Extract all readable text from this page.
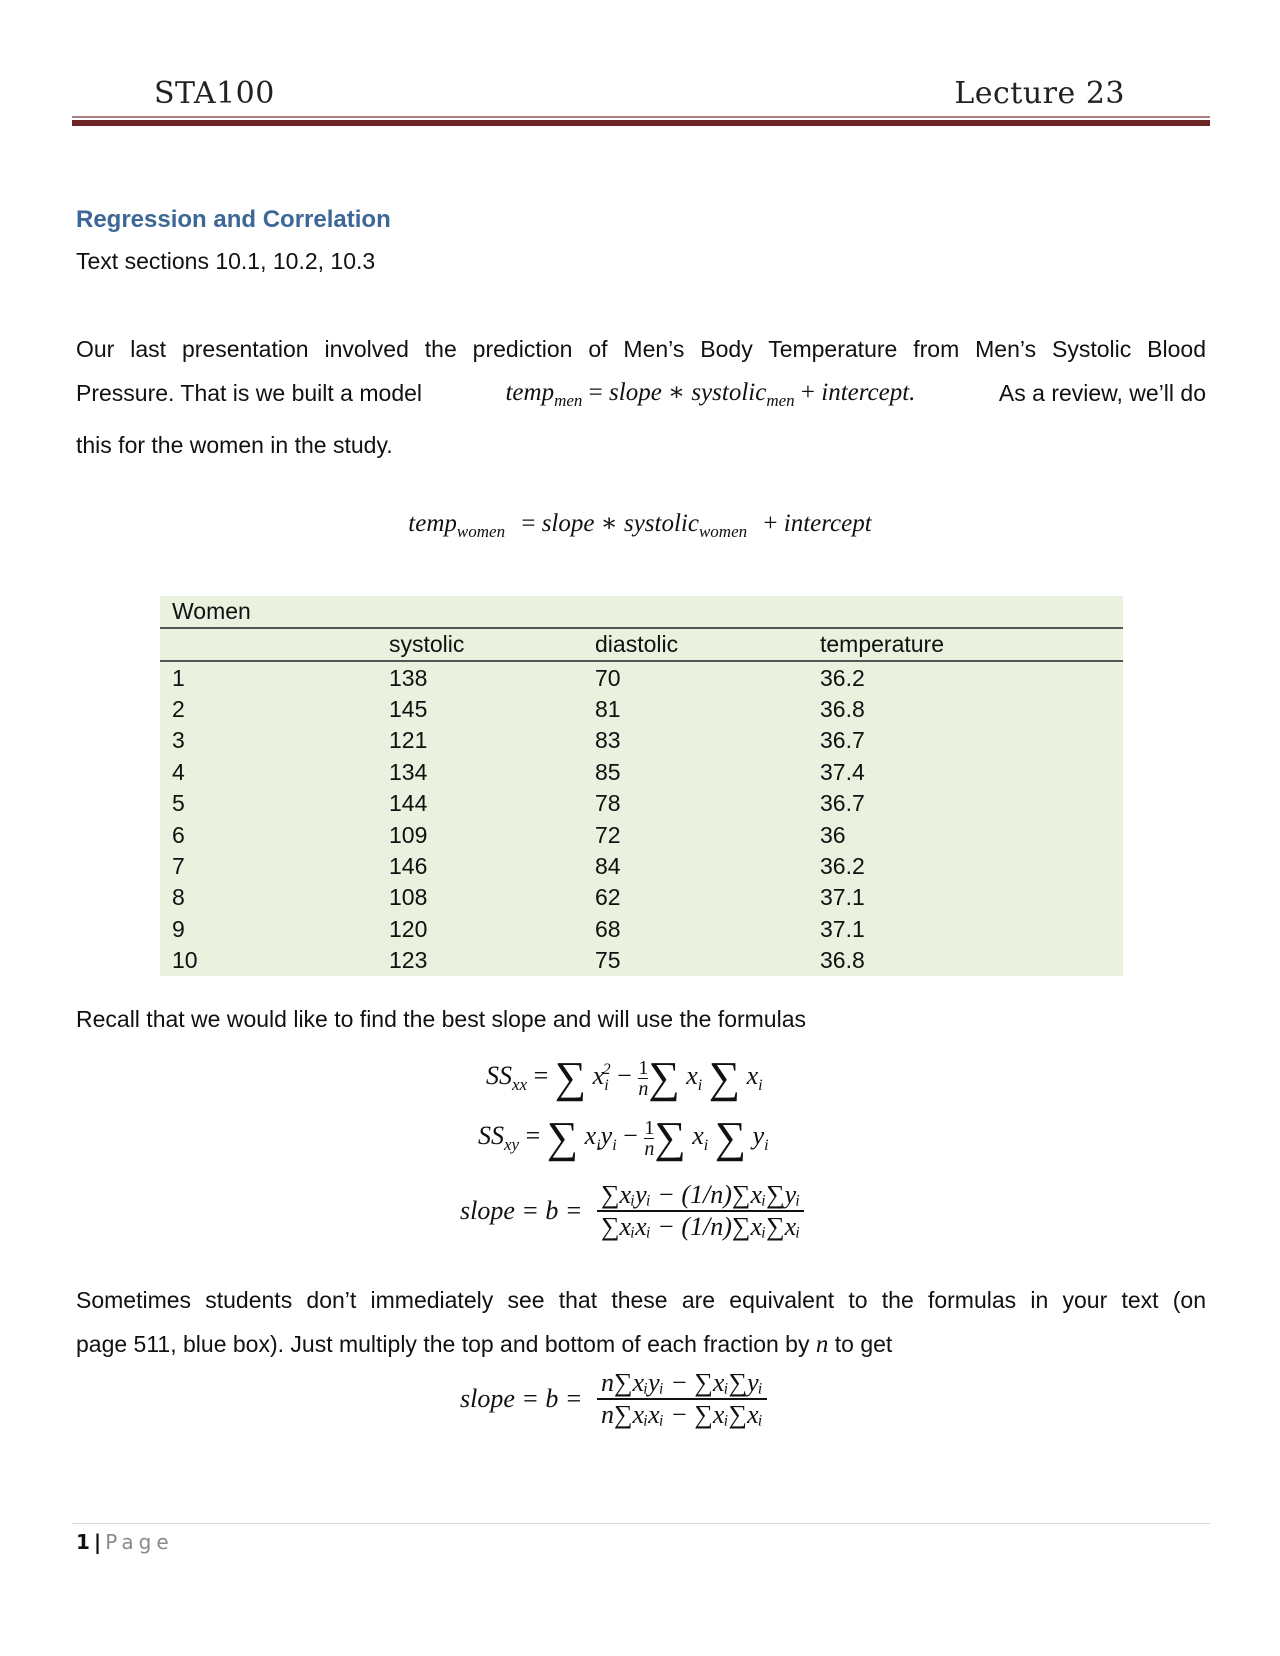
STA100	Lecture 23
Regression and Correlation
Text sections 10.1, 10.2, 10.3
Our last presentation involved the prediction of Men’s Body Temperature from Men’s Systolic Blood
Pressure. That is we built a model	temp$_{men}$ = slope ∗ systolic$_{men}$ + intercept.	As a review, we’ll do
this for the women in the study.
temp$_{women}$ = slope ∗ systolic$_{women}$ + intercept
Women			
	systolic	diastolic	temperature
1	138	70	36.2
2	145	81	36.8
3	121	83	36.7
4	134	85	37.4
5	144	78	36.7
6	109	72	36
7	146	84	36.2
8	108	62	37.1
9	120	68	37.1
10	123	75	36.8
Recall that we would like to find the best slope and will use the formulas
$SS_{xx}$ = ∑ $x_i^2 - \frac{1}{n}$ ∑ $x_i$ ∑ $x_i$
$SS_{xy}$ = ∑ $x_iy_i - \frac{1}{n}$ ∑ $x_i$ ∑ $y_i$
slope = $b = \frac{\text{∑xᵢyᵢ − (1/n)∑xᵢ∑yᵢ}}{\text{∑xᵢxᵢ − (1/n)∑xᵢ∑xᵢ}}$
Sometimes students don’t immediately see that these are equivalent to the formulas in your text (on
page 511, blue box). Just multiply the top and bottom of each fraction by n to get
slope = $b = \frac{\text{n∑xᵢyᵢ − ∑xᵢ∑yᵢ}}{\text{n∑xᵢxᵢ − ∑xᵢ∑xᵢ}}$
1 | Page
